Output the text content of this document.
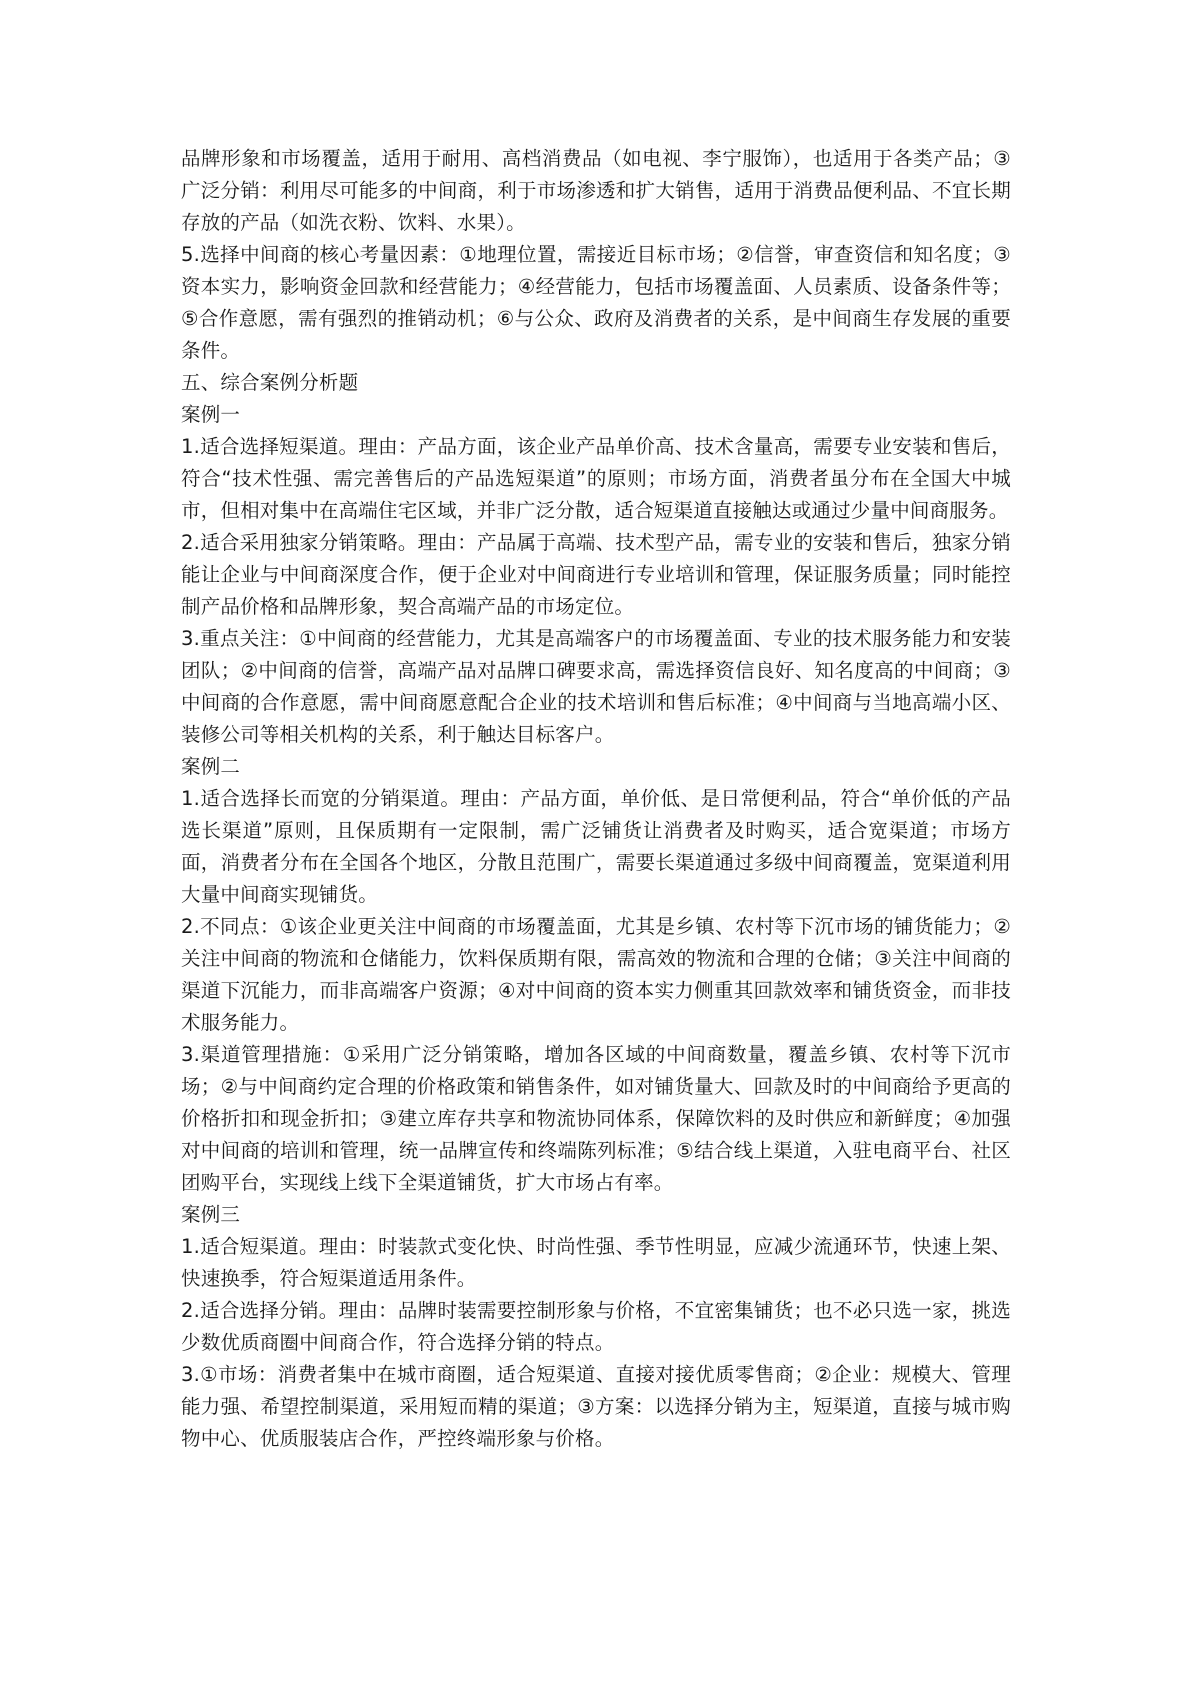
品牌形象和市场覆盖，适用于耐用、高档消费品（如电视、李宁服饰），也适用于各类产品；③广泛分销：利用尽可能多的中间商，利于市场渗透和扩大销售，适用于消费品便利品、不宜长期存放的产品（如洗衣粉、饮料、水果）。

5.选择中间商的核心考量因素：①地理位置，需接近目标市场；②信誉，审查资信和知名度；③资本实力，影响资金回款和经营能力；④经营能力，包括市场覆盖面、人员素质、设备条件等；⑤合作意愿，需有强烈的推销动机；⑥与公众、政府及消费者的关系，是中间商生存发展的重要条件。

五、综合案例分析题

案例一

1.适合选择短渠道。理由：产品方面，该企业产品单价高、技术含量高，需要专业安装和售后，符合“技术性强、需完善售后的产品选短渠道”的原则；市场方面，消费者虽分布在全国大中城市，但相对集中在高端住宅区域，并非广泛分散，适合短渠道直接触达或通过少量中间商服务。

2.适合采用独家分销策略。理由：产品属于高端、技术型产品，需专业的安装和售后，独家分销能让企业与中间商深度合作，便于企业对中间商进行专业培训和管理，保证服务质量；同时能控制产品价格和品牌形象，契合高端产品的市场定位。

3.重点关注：①中间商的经营能力，尤其是高端客户的市场覆盖面、专业的技术服务能力和安装团队；②中间商的信誉，高端产品对品牌口碑要求高，需选择资信良好、知名度高的中间商；③中间商的合作意愿，需中间商愿意配合企业的技术培训和售后标准；④中间商与当地高端小区、装修公司等相关机构的关系，利于触达目标客户。

案例二

1.适合选择长而宽的分销渠道。理由：产品方面，单价低、是日常便利品，符合“单价低的产品选长渠道”原则，且保质期有一定限制，需广泛铺货让消费者及时购买，适合宽渠道；市场方面，消费者分布在全国各个地区，分散且范围广，需要长渠道通过多级中间商覆盖，宽渠道利用大量中间商实现铺货。

2.不同点：①该企业更关注中间商的市场覆盖面，尤其是乡镇、农村等下沉市场的铺货能力；②关注中间商的物流和仓储能力，饮料保质期有限，需高效的物流和合理的仓储；③关注中间商的渠道下沉能力，而非高端客户资源；④对中间商的资本实力侧重其回款效率和铺货资金，而非技术服务能力。

3.渠道管理措施：①采用广泛分销策略，增加各区域的中间商数量，覆盖乡镇、农村等下沉市场；②与中间商约定合理的价格政策和销售条件，如对铺货量大、回款及时的中间商给予更高的价格折扣和现金折扣；③建立库存共享和物流协同体系，保障饮料的及时供应和新鲜度；④加强对中间商的培训和管理，统一品牌宣传和终端陈列标准；⑤结合线上渠道，入驻电商平台、社区团购平台，实现线上线下全渠道铺货，扩大市场占有率。

案例三

1.适合短渠道。理由：时装款式变化快、时尚性强、季节性明显，应减少流通环节，快速上架、快速换季，符合短渠道适用条件。

2.适合选择分销。理由：品牌时装需要控制形象与价格，不宜密集铺货；也不必只选一家，挑选少数优质商圈中间商合作，符合选择分销的特点。

3.①市场：消费者集中在城市商圈，适合短渠道、直接对接优质零售商；②企业：规模大、管理能力强、希望控制渠道，采用短而精的渠道；③方案：以选择分销为主，短渠道，直接与城市购物中心、优质服装店合作，严控终端形象与价格。
